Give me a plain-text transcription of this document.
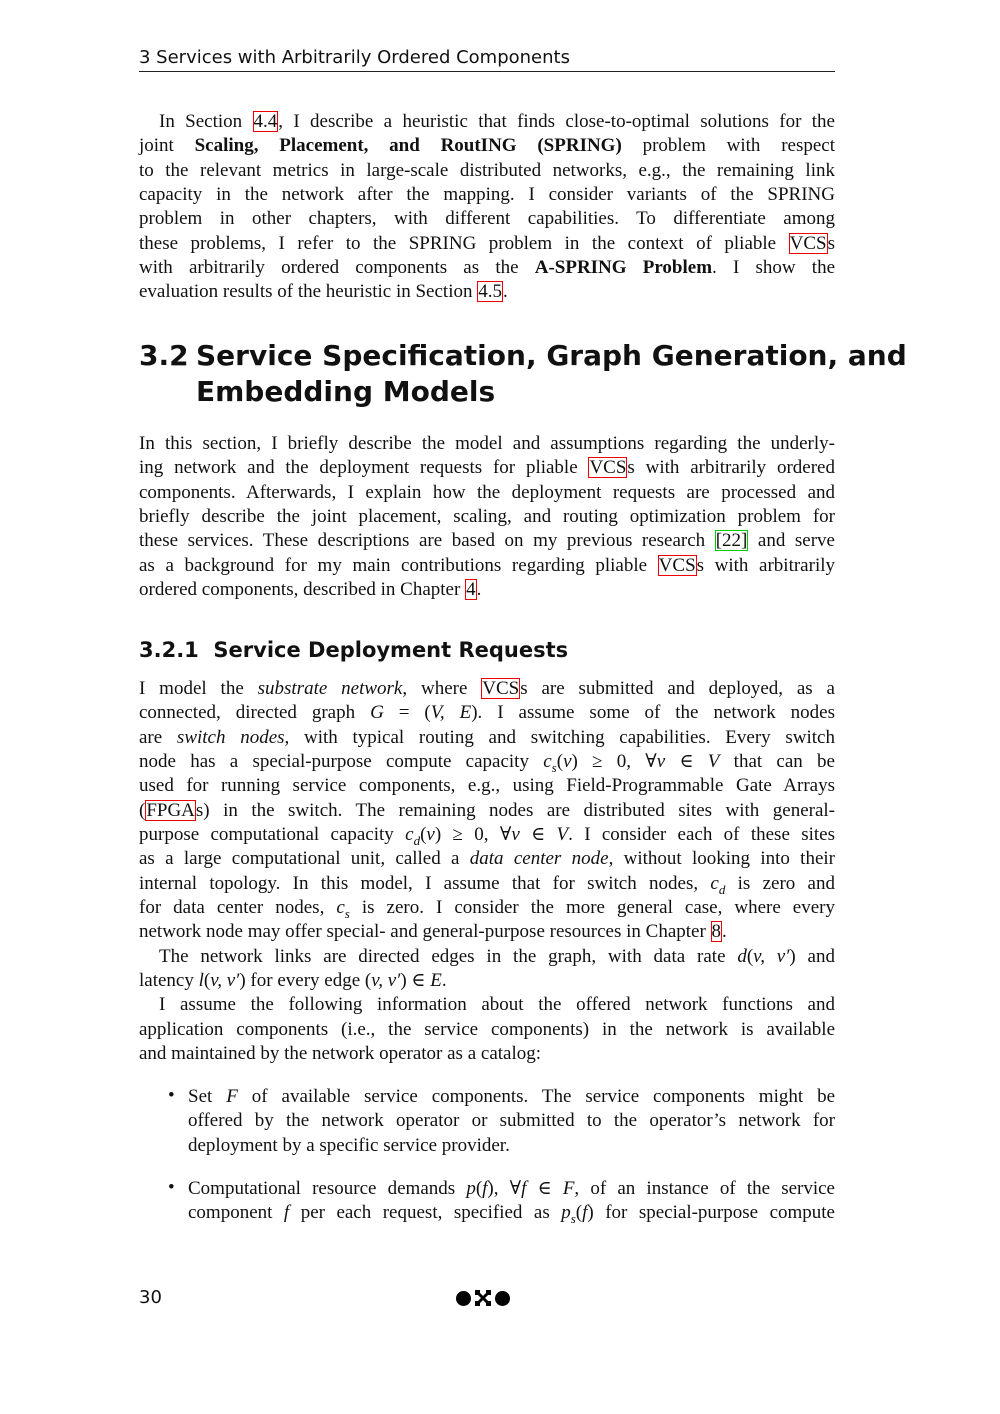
3 Services with Arbitrarily Ordered Components
In Section 4.4, I describe a heuristic that finds close-to-optimal solutions for the
joint Scaling, Placement, and RoutING (SPRING) problem with respect
to the relevant metrics in large-scale distributed networks, e.g., the remaining link
capacity in the network after the mapping. I consider variants of the SPRING
problem in other chapters, with different capabilities. To differentiate among
these problems, I refer to the SPRING problem in the context of pliable VCSs
with arbitrarily ordered components as the A-SPRING Problem. I show the
evaluation results of the heuristic in Section 4.5.
3.2 Service Specification, Graph Generation, and
Embedding Models
In this section, I briefly describe the model and assumptions regarding the underly-
ing network and the deployment requests for pliable VCSs with arbitrarily ordered
components. Afterwards, I explain how the deployment requests are processed and
briefly describe the joint placement, scaling, and routing optimization problem for
these services. These descriptions are based on my previous research [22] and serve
as a background for my main contributions regarding pliable VCSs with arbitrarily
ordered components, described in Chapter 4.
3.2.1 Service Deployment Requests
I model the substrate network, where VCSs are submitted and deployed, as a
connected, directed graph G = (V, E). I assume some of the network nodes
are switch nodes, with typical routing and switching capabilities. Every switch
node has a special-purpose compute capacity $c_s(v) \ge 0$, ∀v ∈ V that can be
used for running service components, e.g., using Field-Programmable Gate Arrays
(FPGAs) in the switch. The remaining nodes are distributed sites with general-
purpose computational capacity $c_d(v) \ge 0$, ∀v ∈ V. I consider each of these sites
as a large computational unit, called a data center node, without looking into their
internal topology. In this model, I assume that for switch nodes, $c_d$ is zero and
for data center nodes, $c_s$ is zero. I consider the more general case, where every
network node may offer special- and general-purpose resources in Chapter 8.
The network links are directed edges in the graph, with data rate d(v, v′) and
latency l(v, v′) for every edge (v, v′) ∈ E.
I assume the following information about the offered network functions and
application components (i.e., the service components) in the network is available
and maintained by the network operator as a catalog:
• Set F of available service components. The service components might be
offered by the network operator or submitted to the operator’s network for
deployment by a specific service provider.
• Computational resource demands p(f), ∀f ∈ F, of an instance of the service
component f per each request, specified as $p_s(f)$ for special-purpose compute
30
